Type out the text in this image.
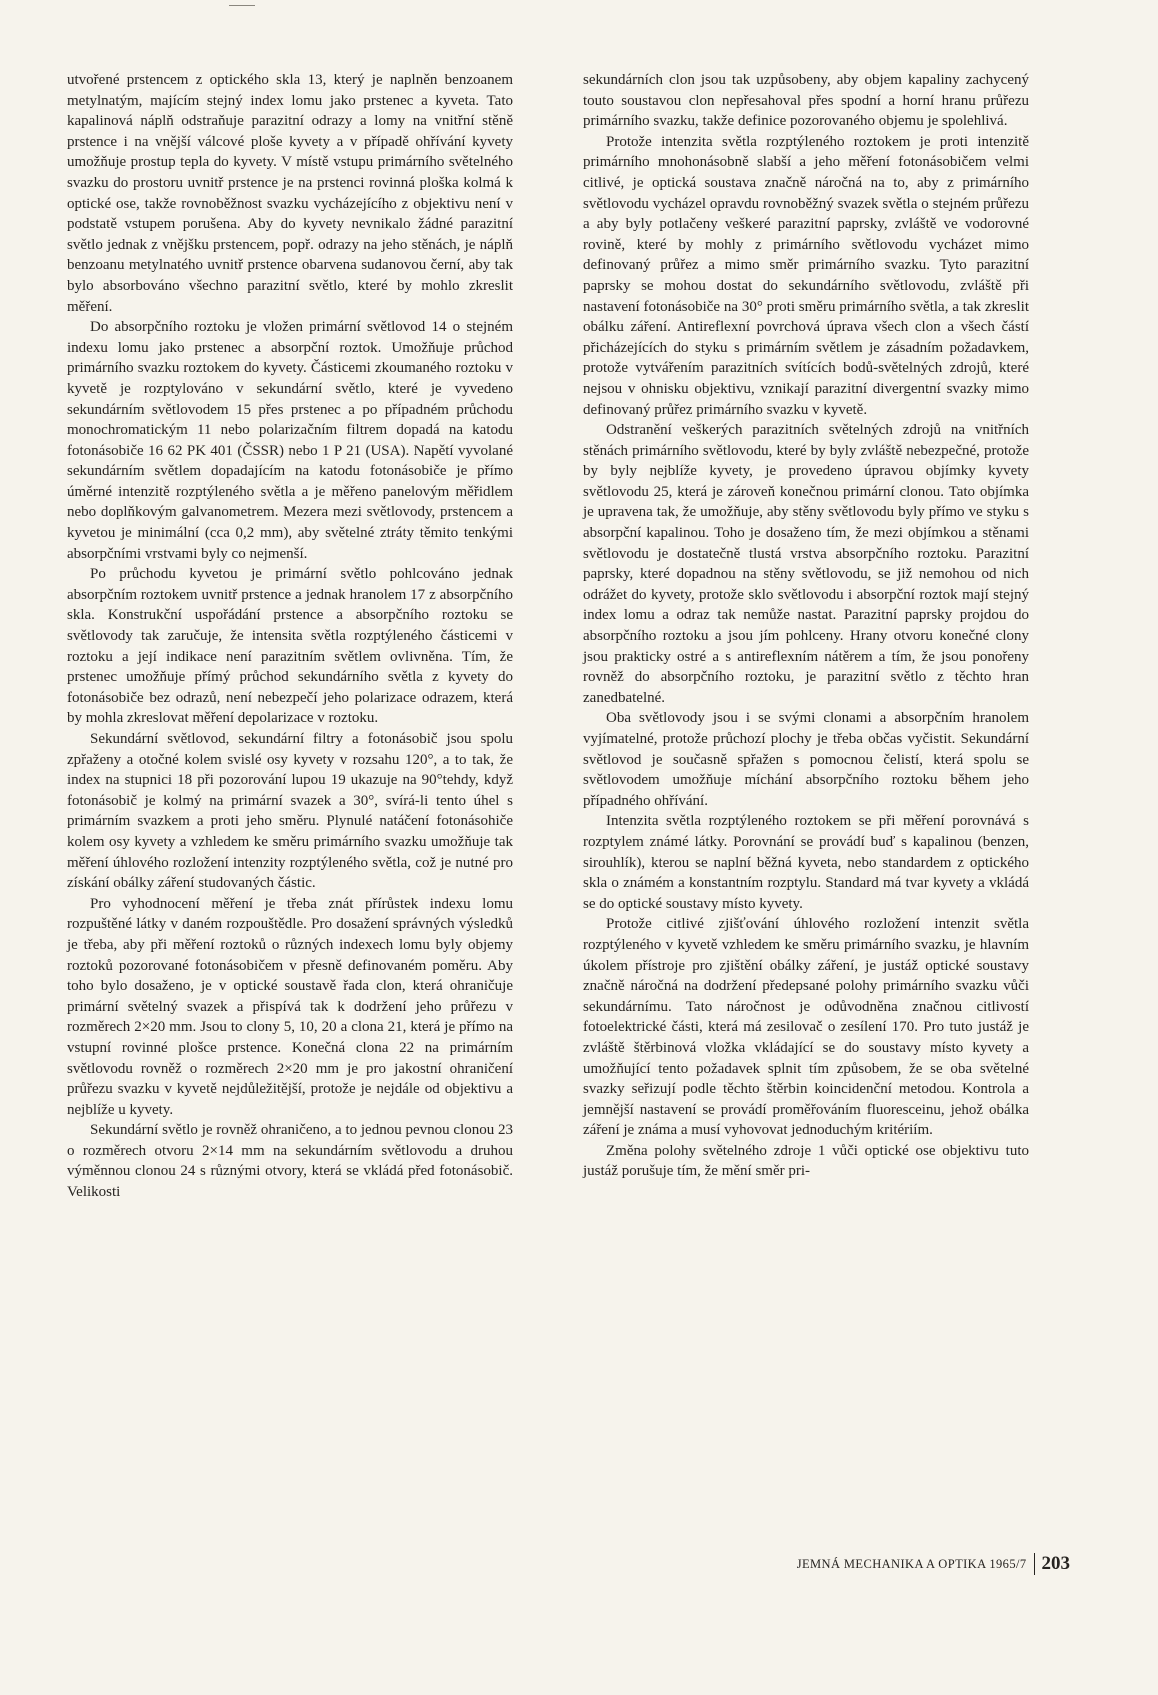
utvořené prstencem z optického skla 13, který je naplněn benzoanem metylnatým, majícím stejný index lomu jako prstenec a kyveta. Tato kapalinová náplň odstraňuje parazitní odrazy a lomy na vnitřní stěně prstence i na vnější válcové ploše kyvety a v případě ohřívání kyvety umožňuje prostup tepla do kyvety. V místě vstupu primárního světelného svazku do prostoru uvnitř prstence je na prstenci rovinná ploška kolmá k optické ose, takže rovnoběžnost svazku vycházejícího z objektivu není v podstatě vstupem porušena. Aby do kyvety nevnikalo žádné parazitní světlo jednak z vnějšku prstencem, popř. odrazy na jeho stěnách, je náplň benzoanu metylnatého uvnitř prstence obarvena sudanovou černí, aby tak bylo absorbováno všechno parazitní světlo, které by mohlo zkreslit měření.

Do absorpčního roztoku je vložen primární světlovod 14 o stejném indexu lomu jako prstenec a absorpční roztok. Umožňuje průchod primárního svazku roztokem do kyvety. Částicemi zkoumaného roztoku v kyvetě je rozptylováno v sekundární světlo, které je vyvedeno sekundárním světlovodem 15 přes prstenec a po případném průchodu monochromatickým 11 nebo polarizačním filtrem dopadá na katodu fotonásobiče 16 62 PK 401 (ČSSR) nebo 1 P 21 (USA). Napětí vyvolané sekundárním světlem dopadajícím na katodu fotonásobiče je přímo úměrné intenzitě rozptýleného světla a je měřeno panelovým měřidlem nebo doplňkovým galvanometrem. Mezera mezi světlovody, prstencem a kyvetou je minimální (cca 0,2 mm), aby světelné ztráty těmito tenkými absorpčními vrstvami byly co nejmenší.

Po průchodu kyvetou je primární světlo pohlcováno jednak absorpčním roztokem uvnitř prstence a jednak hranolem 17 z absorpčního skla. Konstrukční uspořádání prstence a absorpčního roztoku se světlovody tak zaručuje, že intensita světla rozptýleného částicemi v roztoku a její indikace není parazitním světlem ovlivněna. Tím, že prstenec umožňuje přímý průchod sekundárního světla z kyvety do fotonásobiče bez odrazů, není nebezpečí jeho polarizace odrazem, která by mohla zkreslovat měření depolarizace v roztoku.

Sekundární světlovod, sekundární filtry a fotonásobič jsou spolu zpřaženy a otočné kolem svislé osy kyvety v rozsahu 120°, a to tak, že index na stupnici 18 při pozorování lupou 19 ukazuje na 90°tehdy, když fotonásobič je kolmý na primární svazek a 30°, svírá-li tento úhel s primárním svazkem a proti jeho směru. Plynulé natáčení fotonásohiče kolem osy kyvety a vzhledem ke směru primárního svazku umožňuje tak měření úhlového rozložení intenzity rozptýleného světla, což je nutné pro získání obálky záření studovaných částic.

Pro vyhodnocení měření je třeba znát přírůstek indexu lomu rozpuštěné látky v daném rozpouštědle. Pro dosažení správných výsledků je třeba, aby při měření roztoků o různých indexech lomu byly objemy roztoků pozorované fotonásobičem v přesně definovaném poměru. Aby toho bylo dosaženo, je v optické soustavě řada clon, která ohraničuje primární světelný svazek a přispívá tak k dodržení jeho průřezu v rozměrech 2×20 mm. Jsou to clony 5, 10, 20 a clona 21, která je přímo na vstupní rovinné plošce prstence. Konečná clona 22 na primárním světlovodu rovněž o rozměrech 2×20 mm je pro jakostní ohraničení průřezu svazku v kyvetě nejdůležitější, protože je nejdále od objektivu a nejblíže u kyvety.

Sekundární světlo je rovněž ohraničeno, a to jednou pevnou clonou 23 o rozměrech otvoru 2×14 mm na sekundárním světlovodu a druhou výměnnou clonou 24 s různými otvory, která se vkládá před fotonásobič. Velikosti

sekundárních clon jsou tak uzpůsobeny, aby objem kapaliny zachycený touto soustavou clon nepřesahoval přes spodní a horní hranu průřezu primárního svazku, takže definice pozorovaného objemu je spolehlivá.

Protože intenzita světla rozptýleného roztokem je proti intenzitě primárního mnohonásobně slabší a jeho měření fotonásobičem velmi citlivé, je optická soustava značně náročná na to, aby z primárního světlovodu vycházel opravdu rovnoběžný svazek světla o stejném průřezu a aby byly potlačeny veškeré parazitní paprsky, zvláště ve vodorovné rovině, které by mohly z primárního světlovodu vycházet mimo definovaný průřez a mimo směr primárního svazku. Tyto parazitní paprsky se mohou dostat do sekundárního světlovodu, zvláště při nastavení fotonásobiče na 30° proti směru primárního světla, a tak zkreslit obálku záření. Antireflexní povrchová úprava všech clon a všech částí přicházejících do styku s primárním světlem je zásadním požadavkem, protože vytvářením parazitních svítících bodů-světelných zdrojů, které nejsou v ohnisku objektivu, vznikají parazitní divergentní svazky mimo definovaný průřez primárního svazku v kyvetě.

Odstranění veškerých parazitních světelných zdrojů na vnitřních stěnách primárního světlovodu, které by byly zvláště nebezpečné, protože by byly nejblíže kyvety, je provedeno úpravou objímky kyvety světlovodu 25, která je zároveň konečnou primární clonou. Tato objímka je upravena tak, že umožňuje, aby stěny světlovodu byly přímo ve styku s absorpční kapalinou. Toho je dosaženo tím, že mezi objímkou a stěnami světlovodu je dostatečně tlustá vrstva absorpčního roztoku. Parazitní paprsky, které dopadnou na stěny světlovodu, se již nemohou od nich odrážet do kyvety, protože sklo světlovodu i absorpční roztok mají stejný index lomu a odraz tak nemůže nastat. Parazitní paprsky projdou do absorpčního roztoku a jsou jím pohlceny. Hrany otvoru konečné clony jsou prakticky ostré a s antireflexním nátěrem a tím, že jsou ponořeny rovněž do absorpčního roztoku, je parazitní světlo z těchto hran zanedbatelné.

Oba světlovody jsou i se svými clonami a absorpčním hranolem vyjímatelné, protože průchozí plochy je třeba občas vyčistit. Sekundární světlovod je současně spřažen s pomocnou čelistí, která spolu se světlovodem umožňuje míchání absorpčního roztoku během jeho případného ohřívání.

Intenzita světla rozptýleného roztokem se při měření porovnává s rozptylem známé látky. Porovnání se provádí buď s kapalinou (benzen, sirouhlík), kterou se naplní běžná kyveta, nebo standardem z optického skla o známém a konstantním rozptylu. Standard má tvar kyvety a vkládá se do optické soustavy místo kyvety.

Protože citlivé zjišťování úhlového rozložení intenzit světla rozptýleného v kyvetě vzhledem ke směru primárního svazku, je hlavním úkolem přístroje pro zjištění obálky záření, je justáž optické soustavy značně náročná na dodržení předepsané polohy primárního svazku vůči sekundárnímu. Tato náročnost je odůvodněna značnou citlivostí fotoelektrické části, která má zesilovač o zesílení 170. Pro tuto justáž je zvláště štěrbinová vložka vkládající se do soustavy místo kyvety a umožňující tento požadavek splnit tím způsobem, že se oba světelné svazky seřizují podle těchto štěrbin koincidenční metodou. Kontrola a jemnější nastavení se provádí proměřováním fluoresceinu, jehož obálka záření je známa a musí vyhovovat jednoduchým kritériím.

Změna polohy světelného zdroje 1 vůči optické ose objektivu tuto justáž porušuje tím, že mění směr pri-

JEMNÁ MECHANIKA A OPTIKA 1965/7 203
